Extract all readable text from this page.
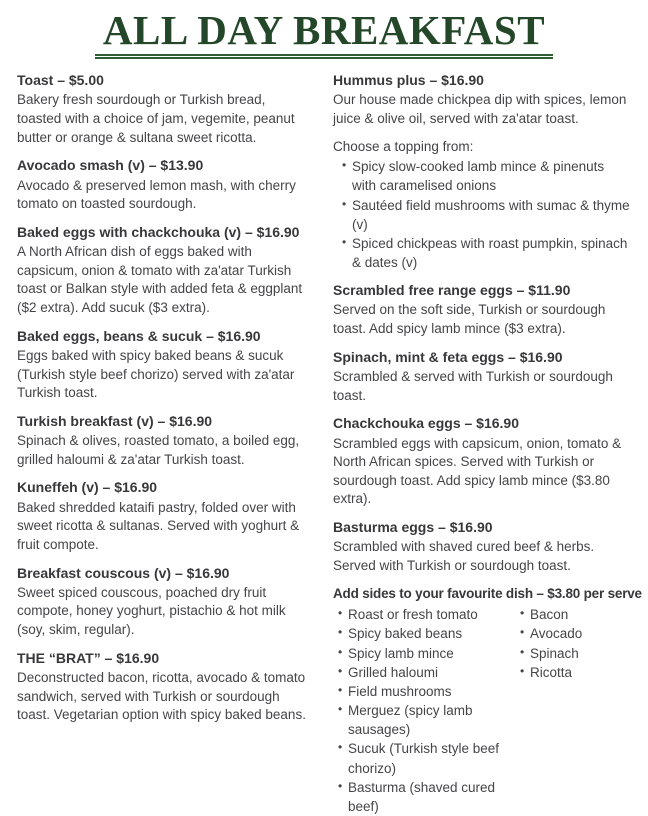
ALL DAY BREAKFAST
Toast – $5.00

Bakery fresh sourdough or Turkish bread, toasted with a choice of jam, vegemite, peanut butter or orange & sultana sweet ricotta.

Avocado smash (v) – $13.90

Avocado & preserved lemon mash, with cherry tomato on toasted sourdough.

Baked eggs with chackchouka (v) – $16.90

A North African dish of eggs baked with capsicum, onion & tomato with za'atar Turkish toast or Balkan style with added feta & eggplant ($2 extra). Add sucuk ($3 extra).

Baked eggs, beans & sucuk – $16.90

Eggs baked with spicy baked beans & sucuk (Turkish style beef chorizo) served with za'atar Turkish toast.

Turkish breakfast (v) – $16.90

Spinach & olives, roasted tomato, a boiled egg, grilled haloumi & za'atar Turkish toast.

Kuneffeh (v) – $16.90

Baked shredded kataifi pastry, folded over with sweet ricotta & sultanas. Served with yoghurt & fruit compote.

Breakfast couscous (v) – $16.90

Sweet spiced couscous, poached dry fruit compote, honey yoghurt, pistachio & hot milk (soy, skim, regular).

THE “BRAT” – $16.90

Deconstructed bacon, ricotta, avocado & tomato sandwich, served with Turkish or sourdough toast. Vegetarian option with spicy baked beans.

Hummus plus – $16.90

Our house made chickpea dip with spices, lemon juice & olive oil, served with za'atar toast.

Choose a topping from:

• Spicy slow-cooked lamb mince & pinenuts with caramelised onions
• Sautéed field mushrooms with sumac & thyme (v)
• Spiced chickpeas with roast pumpkin, spinach & dates (v)
Scrambled free range eggs – $11.90

Served on the soft side, Turkish or sourdough toast. Add spicy lamb mince ($3 extra).

Spinach, mint & feta eggs – $16.90

Scrambled & served with Turkish or sourdough toast.

Chackchouka eggs – $16.90

Scrambled eggs with capsicum, onion, tomato & North African spices. Served with Turkish or sourdough toast. Add spicy lamb mince ($3.80 extra).

Basturma eggs – $16.90

Scrambled with shaved cured beef & herbs. Served with Turkish or sourdough toast.

Add sides to your favourite dish – $3.80 per serve
• Roast or fresh tomato
• Spicy baked beans
• Spicy lamb mince
• Grilled haloumi
• Field mushrooms
• Merguez (spicy lamb sausages)
• Sucuk (Turkish style beef chorizo)
• Basturma (shaved cured beef)
• Bacon
• Avocado
• Spinach
• Ricotta
